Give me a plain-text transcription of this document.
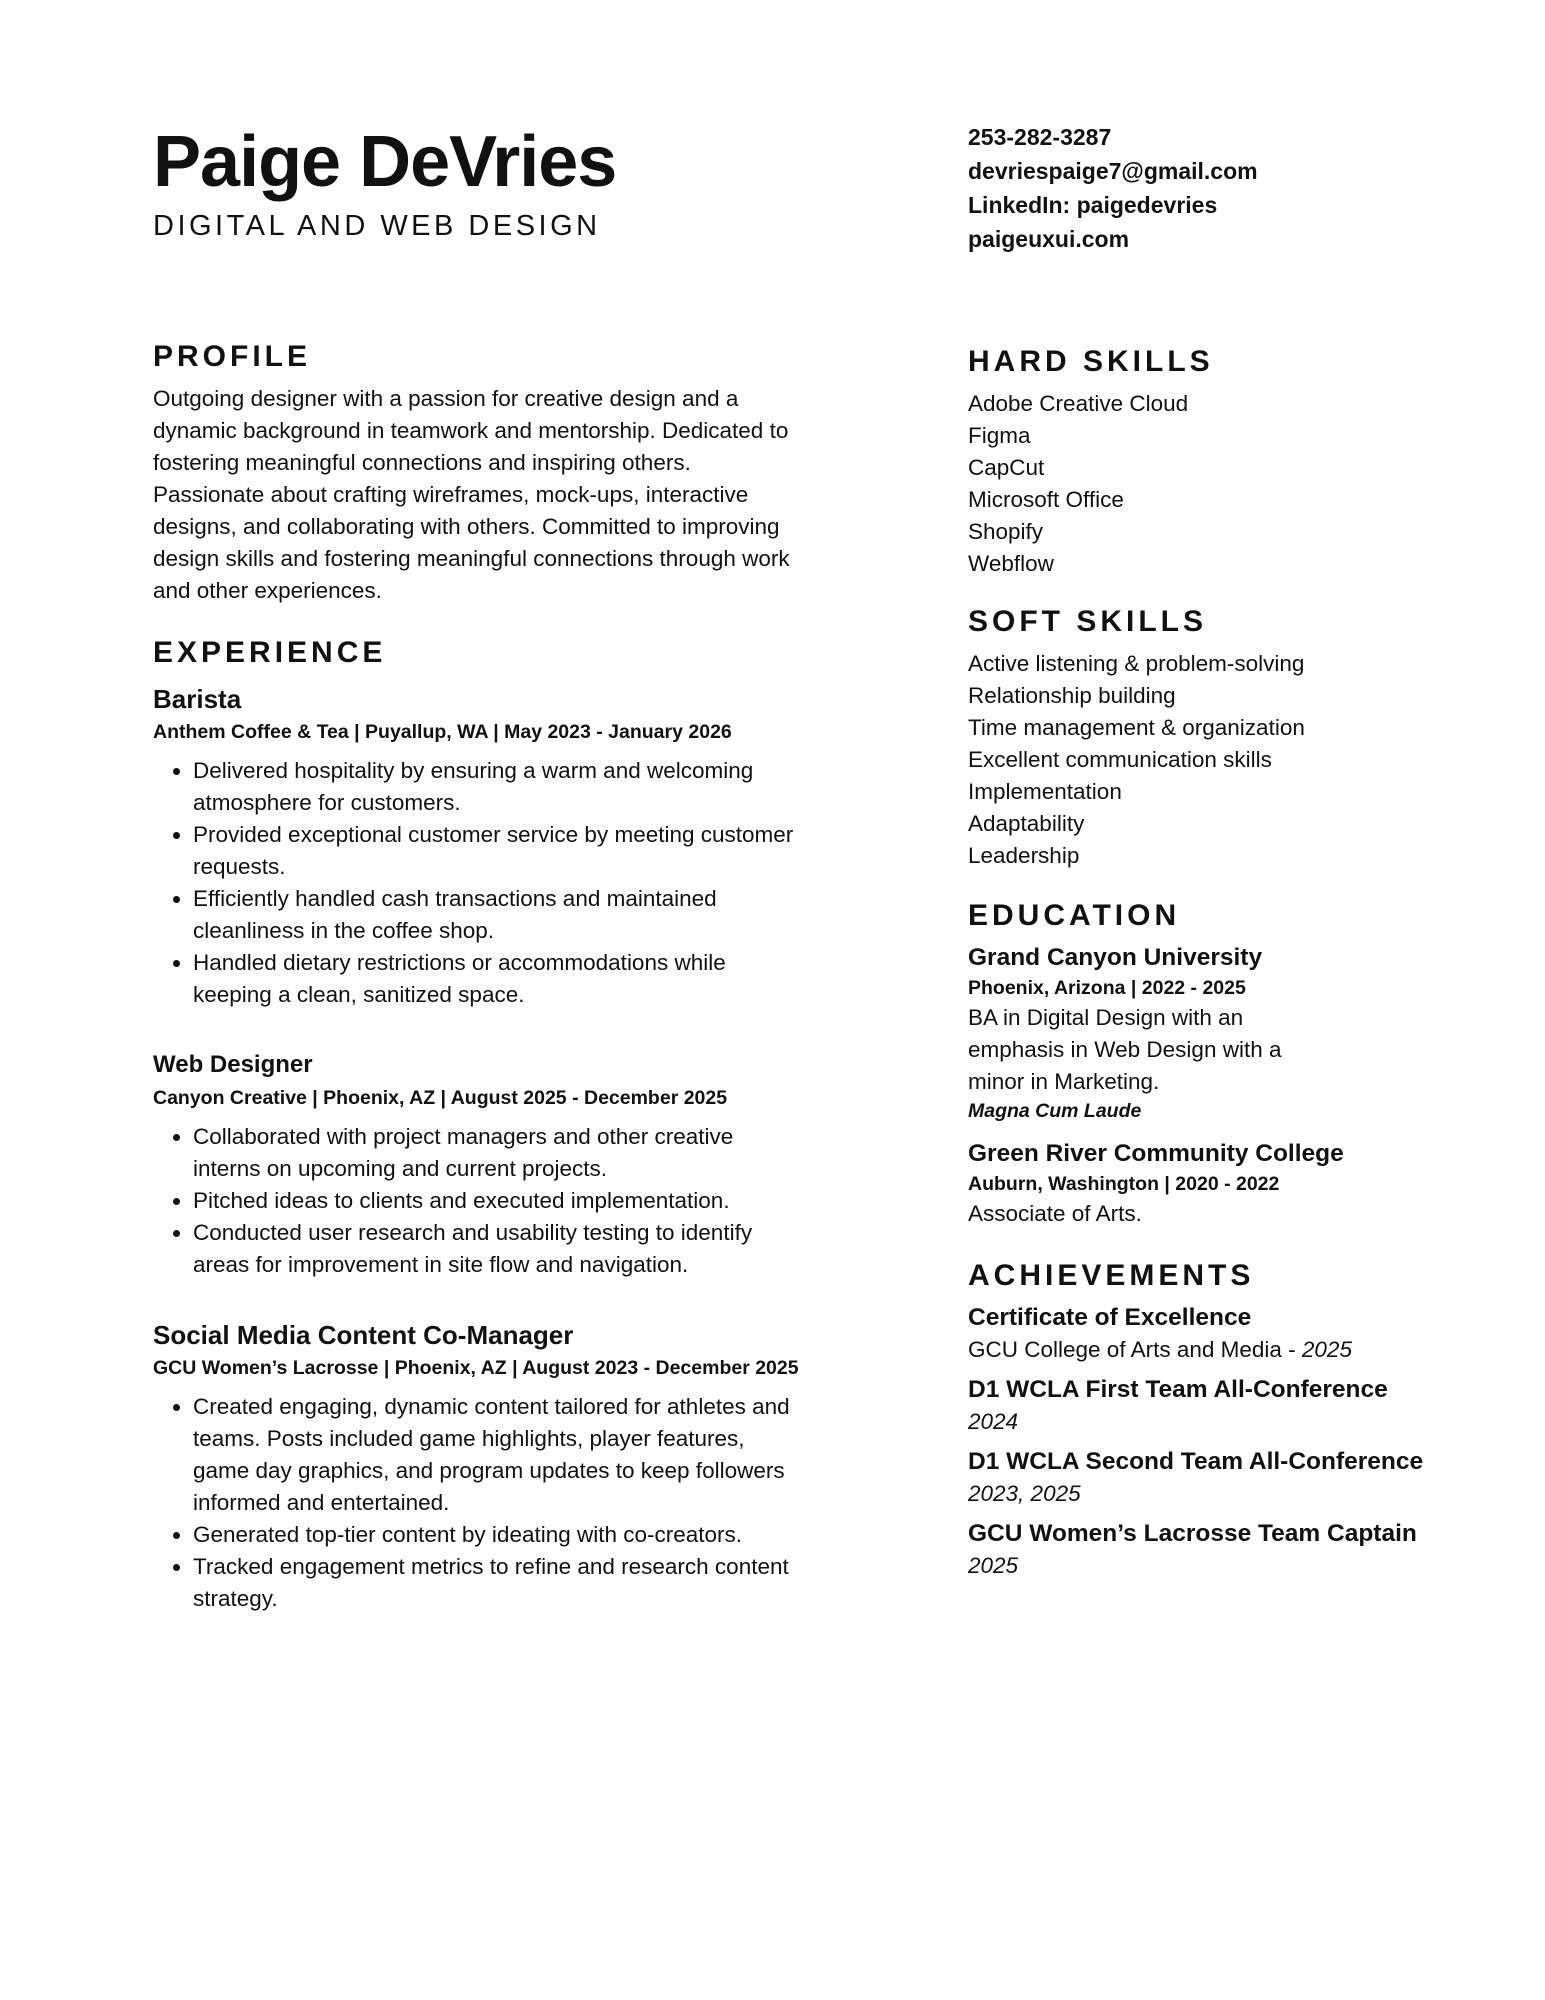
Paige DeVries
DIGITAL AND WEB DESIGN
PROFILE
Outgoing designer with a passion for creative design and a dynamic background in teamwork and mentorship. Dedicated to fostering meaningful connections and inspiring others. Passionate about crafting wireframes, mock-ups, interactive designs, and collaborating with others. Committed to improving design skills and fostering meaningful connections through work and other experiences.
EXPERIENCE
Barista
Anthem Coffee & Tea | Puyallup, WA | May 2023 - January 2026
• Delivered hospitality by ensuring a warm and welcoming atmosphere for customers.
• Provided exceptional customer service by meeting customer requests.
• Efficiently handled cash transactions and maintained cleanliness in the coffee shop.
• Handled dietary restrictions or accommodations while keeping a clean, sanitized space.
Web Designer
Canyon Creative | Phoenix, AZ | August 2025 - December 2025
• Collaborated with project managers and other creative interns on upcoming and current projects.
• Pitched ideas to clients and executed implementation.
• Conducted user research and usability testing to identify areas for improvement in site flow and navigation.
Social Media Content Co-Manager
GCU Women’s Lacrosse | Phoenix, AZ | August 2023 - December 2025
• Created engaging, dynamic content tailored for athletes and teams. Posts included game highlights, player features, game day graphics, and program updates to keep followers informed and entertained.
• Generated top-tier content by ideating with co-creators.
• Tracked engagement metrics to refine and research content strategy.
253-282-3287
devriespaige7@gmail.com
LinkedIn: paigedevries
paigeuxui.com
HARD SKILLS
Adobe Creative Cloud
Figma
CapCut
Microsoft Office
Shopify
Webflow
SOFT SKILLS
Active listening & problem-solving
Relationship building
Time management & organization
Excellent communication skills
Implementation
Adaptability
Leadership
EDUCATION
Grand Canyon University
Phoenix, Arizona | 2022 - 2025
BA in Digital Design with an emphasis in Web Design with a minor in Marketing.
Magna Cum Laude
Green River Community College
Auburn, Washington | 2020 - 2022
Associate of Arts.
ACHIEVEMENTS
Certificate of Excellence
GCU College of Arts and Media - 2025
D1 WCLA First Team All-Conference
2024
D1 WCLA Second Team All-Conference
2023, 2025
GCU Women’s Lacrosse Team Captain
2025
